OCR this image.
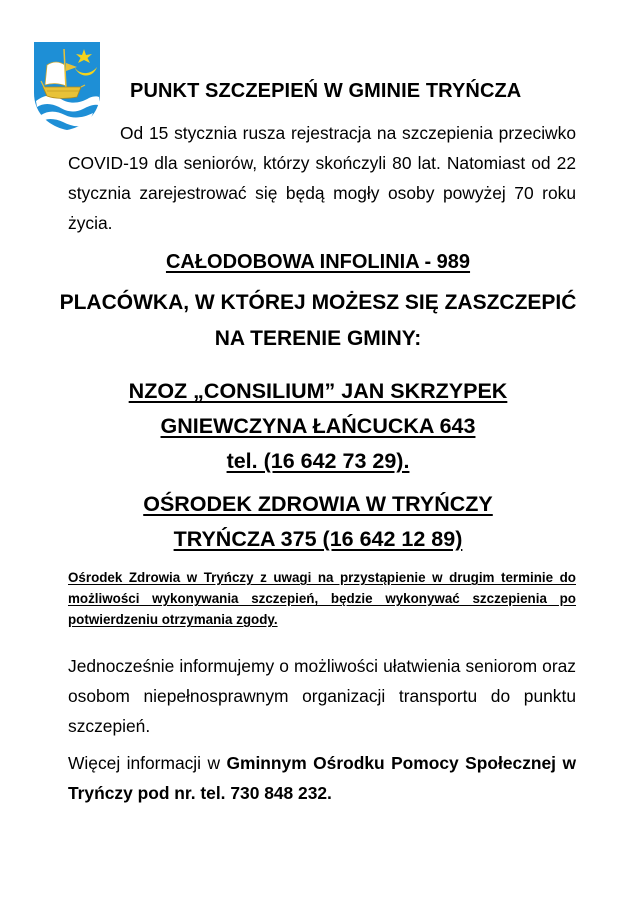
PUNKT SZCZEPIEŃ W GMINIE TRYŃCZA
Od 15 stycznia rusza rejestracja na szczepienia przeciwko COVID-19 dla seniorów, którzy skończyli 80 lat. Natomiast od 22 stycznia zarejestrować się będą mogły osoby powyżej 70 roku życia.
CAŁODOBOWA INFOLINIA - 989
PLACÓWKA, W KTÓREJ MOŻESZ SIĘ ZASZCZEPIĆ
NA TERENIE GMINY:
NZOZ „CONSILIUM” JAN SKRZYPEK
GNIEWCZYNA ŁAŃCUCKA 643
tel. (16 642 73 29).
OŚRODEK ZDROWIA W TRYŃCZY
TRYŃCZA 375 (16 642 12 89)
Ośrodek Zdrowia w Tryńczy z uwagi na przystąpienie w drugim terminie do możliwości wykonywania szczepień, będzie wykonywać szczepienia po potwierdzeniu otrzymania zgody.
Jednocześnie informujemy o możliwości ułatwienia seniorom oraz osobom niepełnosprawnym organizacji transportu do punktu szczepień.
Więcej informacji w Gminnym Ośrodku Pomocy Społecznej w Tryńczy pod nr. tel. 730 848 232.
